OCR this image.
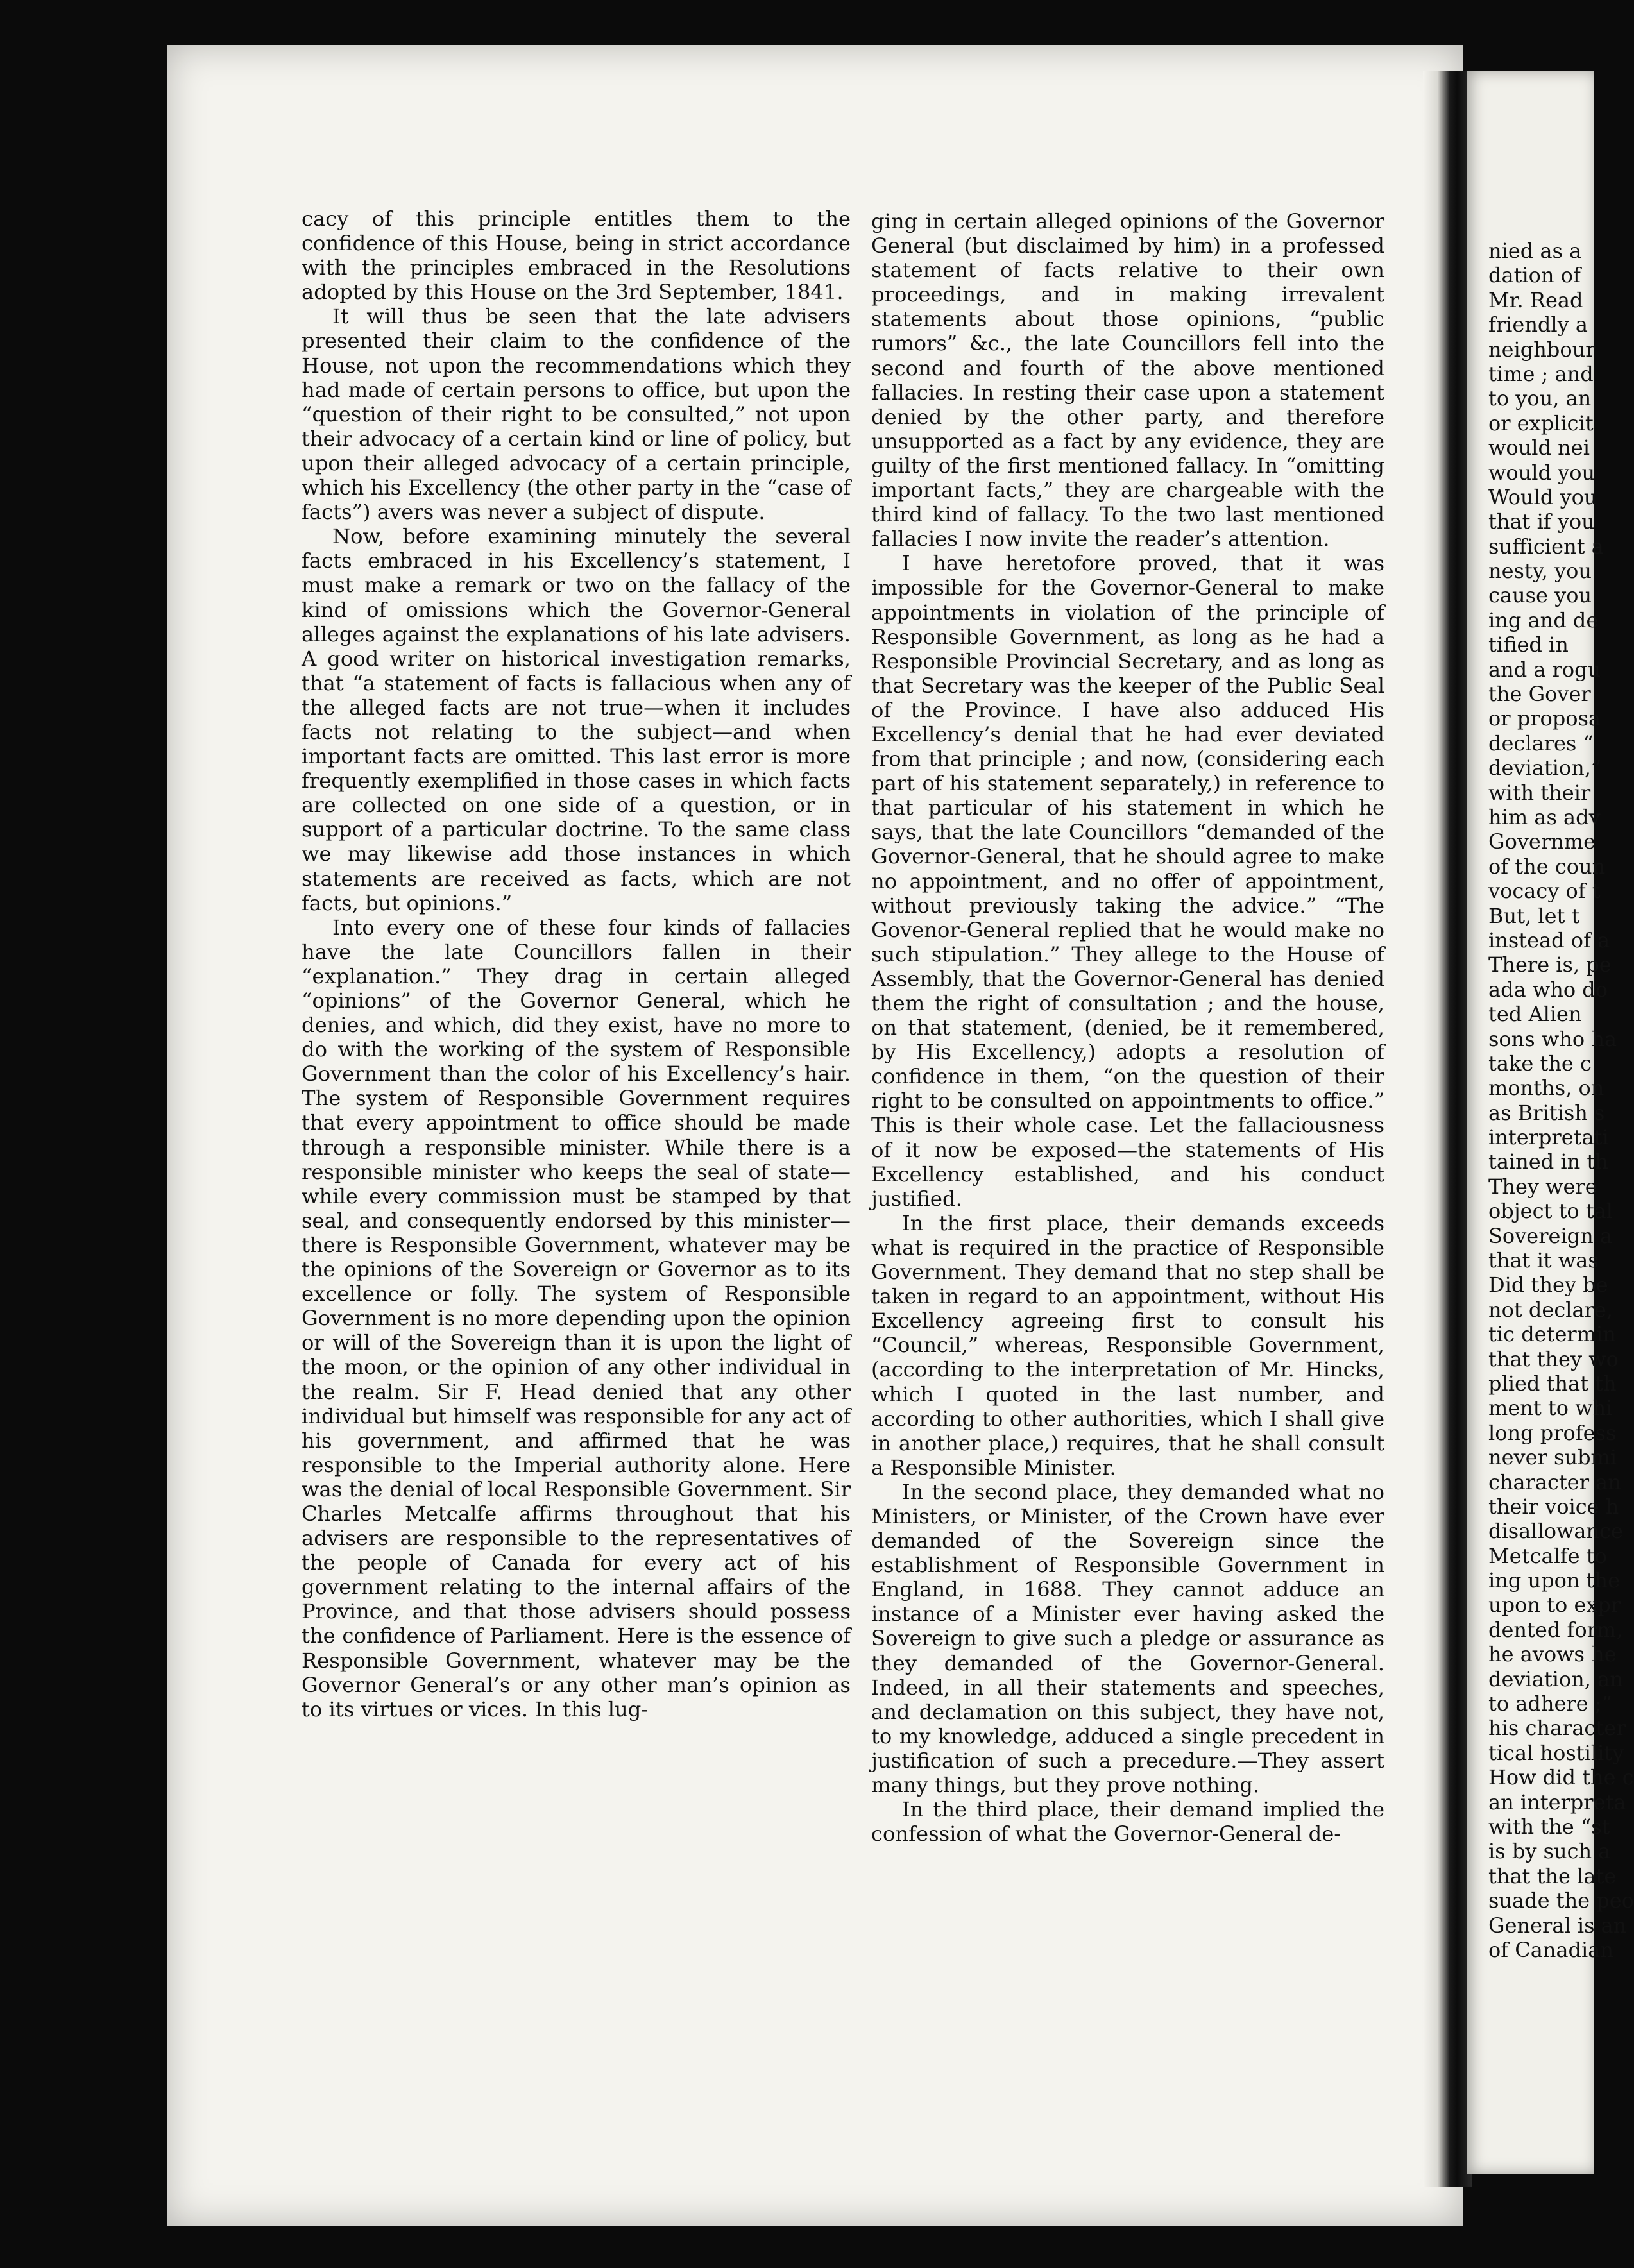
cacy of this principle entitles them to the confidence of this House, being in strict accordance with the principles embraced in the Resolutions adopted by this House on the 3rd September, 1841.

It will thus be seen that the late advisers presented their claim to the confidence of the House, not upon the recommendations which they had made of certain persons to office, but upon the “question of their right to be consulted,” not upon their advocacy of a certain kind or line of policy, but upon their alleged advocacy of a certain principle, which his Excellency (the other party in the “case of facts”) avers was never a subject of dispute.

Now, before examining minutely the several facts embraced in his Excellency’s statement, I must make a remark or two on the fallacy of the kind of omissions which the Governor-General alleges against the explanations of his late advisers. A good writer on historical investigation remarks, that “a statement of facts is fallacious when any of the alleged facts are not true—when it includes facts not relating to the subject—and when important facts are omitted. This last error is more frequently exemplified in those cases in which facts are collected on one side of a question, or in support of a particular doctrine. To the same class we may likewise add those instances in which statements are received as facts, which are not facts, but opinions.”

Into every one of these four kinds of fallacies have the late Councillors fallen in their “explanation.” They drag in certain alleged “opinions” of the Governor General, which he denies, and which, did they exist, have no more to do with the working of the system of Responsible Government than the color of his Excellency’s hair. The system of Responsible Government requires that every appointment to office should be made through a responsible minister. While there is a responsible minister who keeps the seal of state—while every commission must be stamped by that seal, and consequently endorsed by this minister—there is Responsible Government, whatever may be the opinions of the Sovereign or Governor as to its excellence or folly. The system of Responsible Government is no more depending upon the opinion or will of the Sovereign than it is upon the light of the moon, or the opinion of any other individual in the realm. Sir F. Head denied that any other individual but himself was responsible for any act of his government, and affirmed that he was responsible to the Imperial authority alone. Here was the denial of local Responsible Government. Sir Charles Metcalfe affirms throughout that his advisers are responsible to the representatives of the people of Canada for every act of his government relating to the internal affairs of the Province, and that those advisers should possess the confidence of Parliament. Here is the essence of Responsible Government, whatever may be the Governor General’s or any other man’s opinion as to its virtues or vices. In this lug-

ging in certain alleged opinions of the Governor General (but disclaimed by him) in a professed statement of facts relative to their own proceedings, and in making irrevalent statements about those opinions, “public rumors” &c., the late Councillors fell into the second and fourth of the above mentioned fallacies. In resting their case upon a statement denied by the other party, and therefore unsupported as a fact by any evidence, they are guilty of the first mentioned fallacy. In “omitting important facts,” they are chargeable with the third kind of fallacy. To the two last mentioned fallacies I now invite the reader’s attention.

I have heretofore proved, that it was impossible for the Governor-General to make appointments in violation of the principle of Responsible Government, as long as he had a Responsible Provincial Secretary, and as long as that Secretary was the keeper of the Public Seal of the Province. I have also adduced His Excellency’s denial that he had ever deviated from that principle ; and now, (considering each part of his statement separately,) in reference to that particular of his statement in which he says, that the late Councillors “demanded of the Governor-General, that he should agree to make no appointment, and no offer of appointment, without previously taking the advice.” “The Govenor-General replied that he would make no such stipulation.” They allege to the House of Assembly, that the Governor-General has denied them the right of consultation ; and the house, on that statement, (denied, be it remembered, by His Excellency,) adopts a resolution of confidence in them, “on the question of their right to be consulted on appointments to office.” This is their whole case. Let the fallaciousness of it now be exposed—the statements of His Excellency established, and his conduct justified.

In the first place, their demands exceeds what is required in the practice of Responsible Government. They demand that no step shall be taken in regard to an appointment, without His Excellency agreeing first to consult his “Council,” whereas, Responsible Government, (according to the interpretation of Mr. Hincks, which I quoted in the last number, and according to other authorities, which I shall give in another place,) requires, that he shall consult a Responsible Minister.

In the second place, they demanded what no Ministers, or Minister, of the Crown have ever demanded of the Sovereign since the establishment of Responsible Government in England, in 1688. They cannot adduce an instance of a Minister ever having asked the Sovereign to give such a pledge or assurance as they demanded of the Governor-General. Indeed, in all their statements and speeches, and declamation on this subject, they have not, to my knowledge, adduced a single precedent in justification of such a precedure.—They assert many things, but they prove nothing.

In the third place, their demand implied the confession of what the Governor-General de-

nied as a
dation of
Mr. Read
friendly a
neighbour
time ; and
to you, an
or explicit
would nei
would you
Would you
that if you
sufficient a
nesty, you
cause you
ing and de
tified in
and a rogu
the Gover
or proposa
declares “
deviation,”
with their
him as adv
Governme
of the coun
vocacy of t
But, let t
instead of a
There is, pe
ada who do
ted Alien
sons who ha
take the c
months, on
as British s
interpretati
tained in th
They were
object to tal
Sovereign a
that it was
Did they be
not declare,
tic determin
that they wo
plied that th
ment to whi
long profess
never submi
character an
their voice h
disallowance
Metcalfe to
ing upon the
upon to expr
dented form,
he avows he
deviation, an
to adhere ;”
his character
tical hostility
How did the c
an interpreta
with the “st
is by such a
that the late
suade the peo
General is an
of Canadian
